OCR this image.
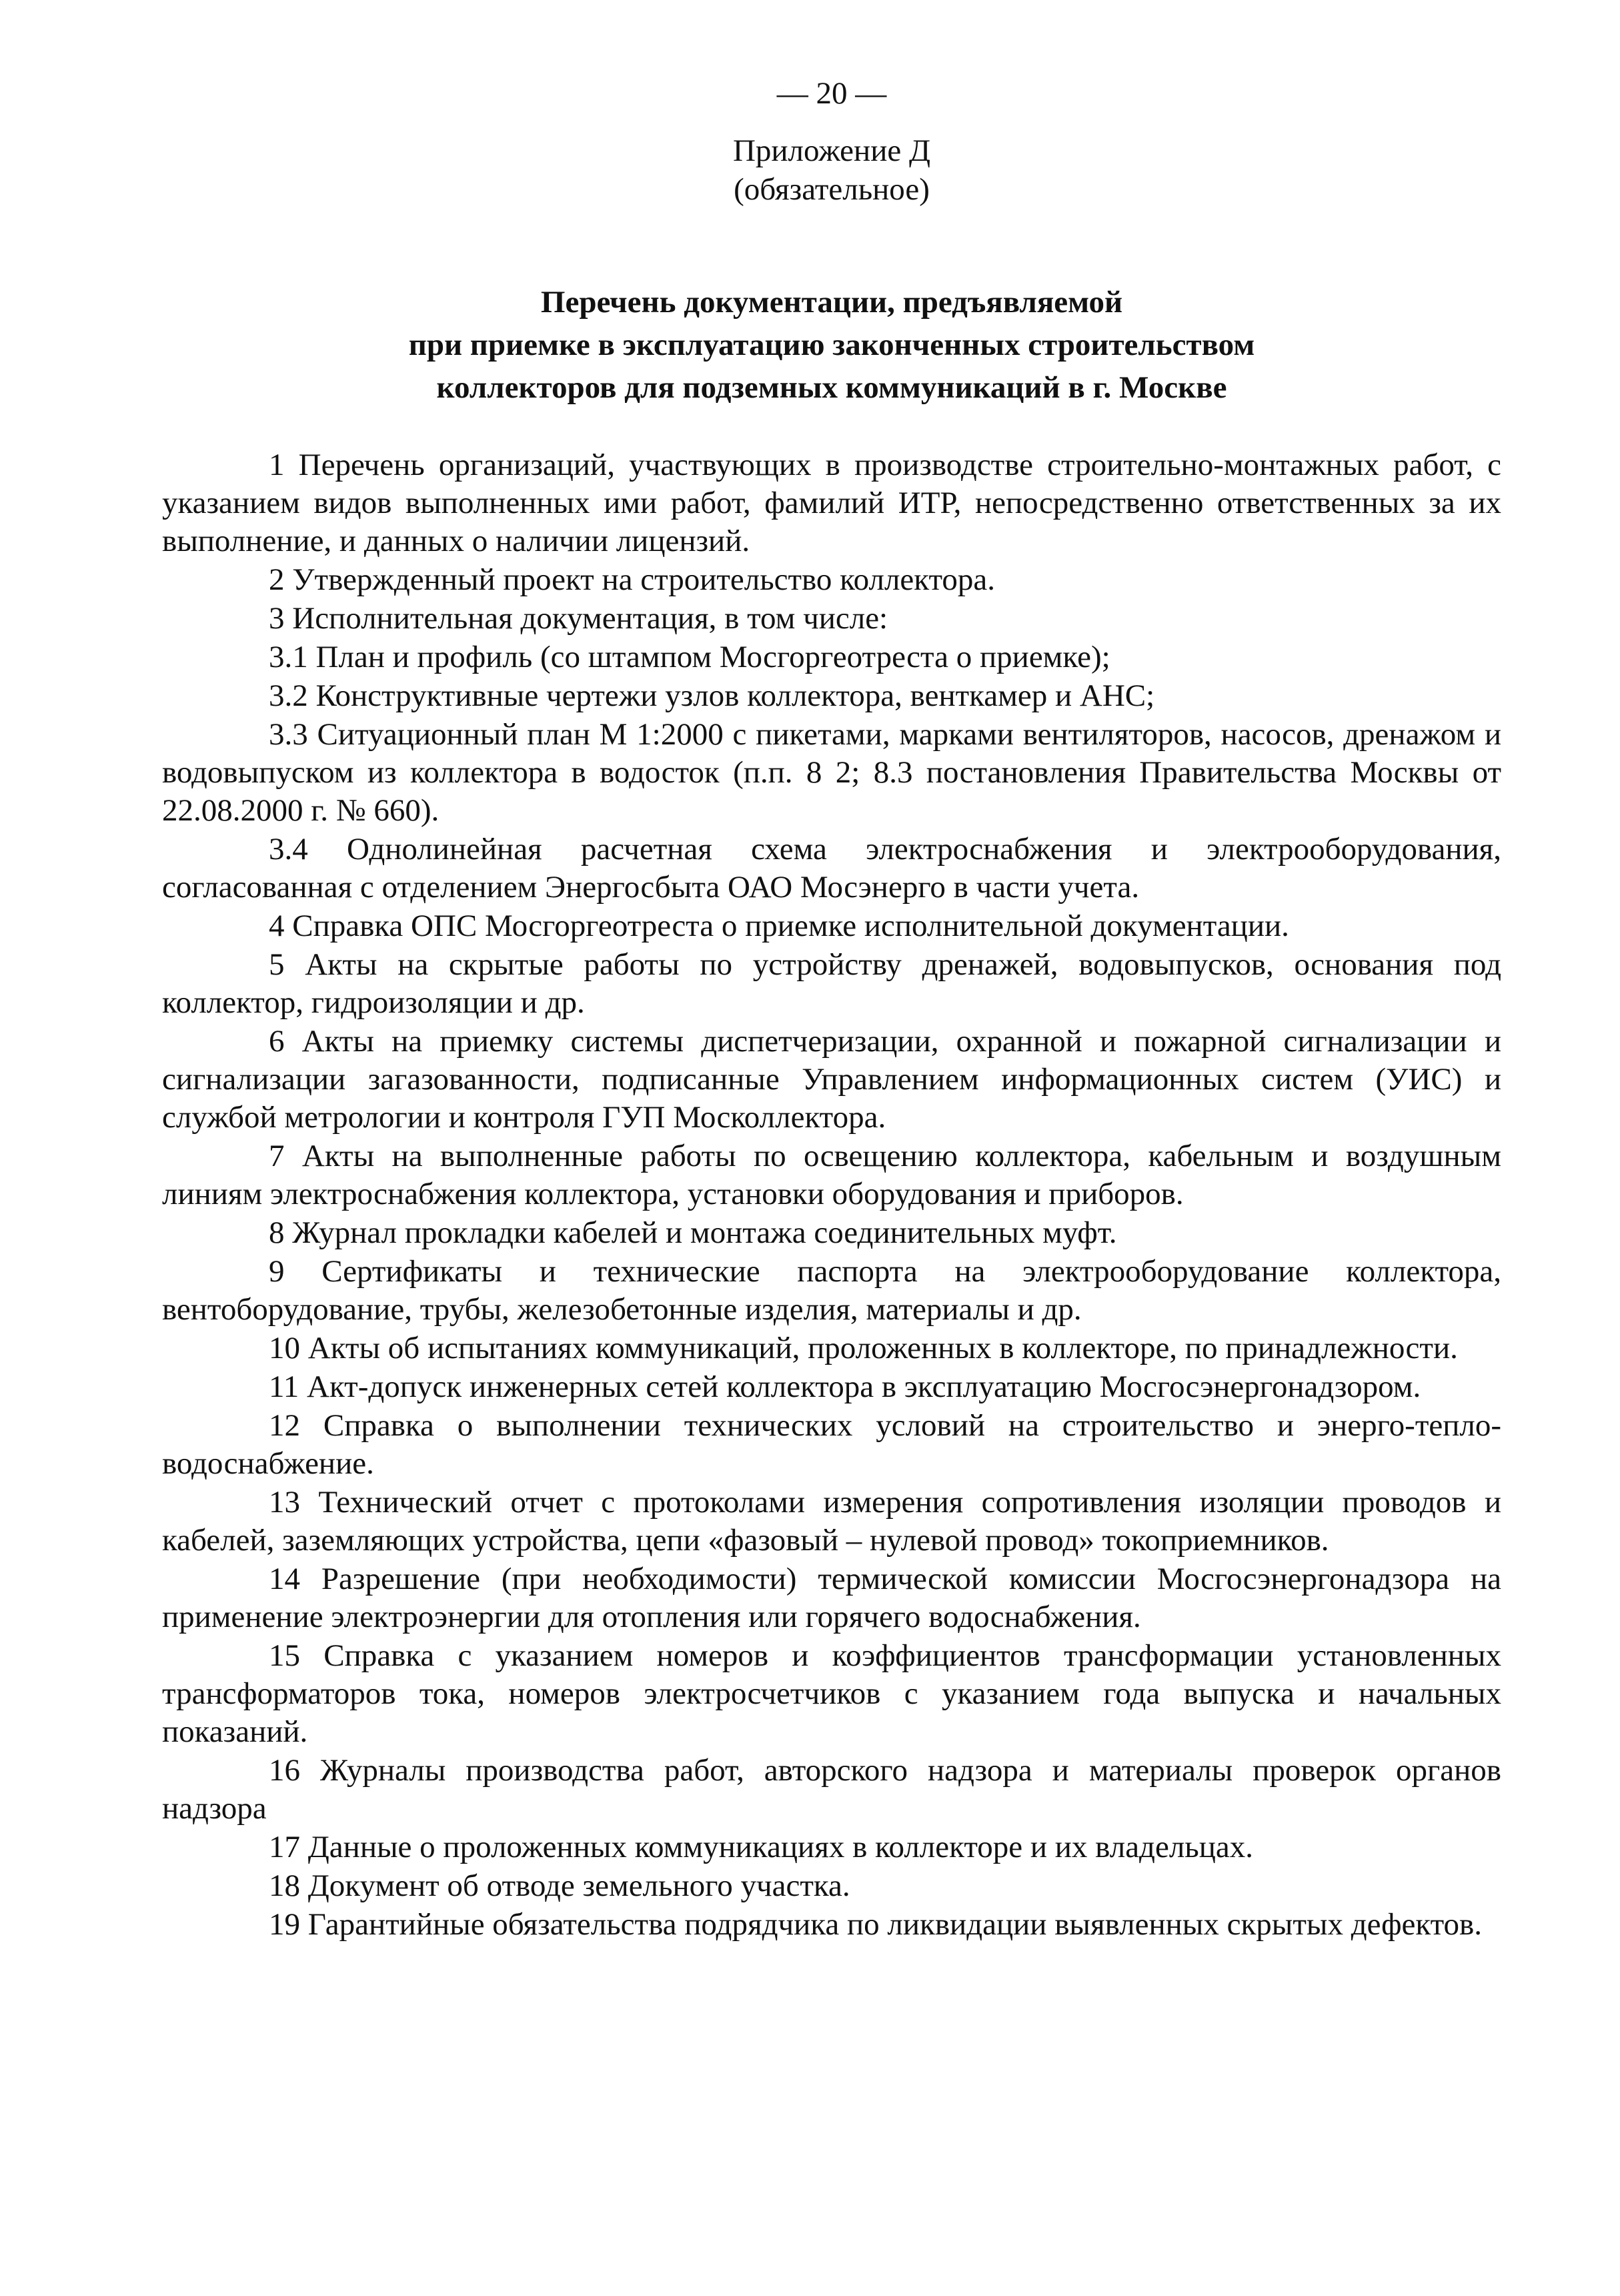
— 20 —
Приложение Д
(обязательное)
Перечень документации, предъявляемой
при приемке в эксплуатацию законченных строительством
коллекторов для подземных коммуникаций в г. Москве

1 Перечень организаций, участвующих в производстве строительно-монтажных работ, с указанием видов выполненных ими работ, фамилий ИТР, непосредственно ответственных за их выполнение, и данных о наличии лицензий.

2 Утвержденный проект на строительство коллектора.

3 Исполнительная документация, в том числе:

3.1 План и профиль (со штампом Мосгоргеотреста о приемке);

3.2 Конструктивные чертежи узлов коллектора, венткамер и АНС;

3.3 Ситуационный план М 1:2000 с пикетами, марками вентиляторов, насосов, дренажом и водовыпуском из коллектора в водосток (п.п. 8 2; 8.3 постановления Правительства Москвы от 22.08.2000 г. № 660).

3.4 Однолинейная расчетная схема электроснабжения и электрооборудования, согласованная с отделением Энергосбыта ОАО Мосэнерго в части учета.

4 Справка ОПС Мосгоргеотреста о приемке исполнительной документации.

5 Акты на скрытые работы по устройству дренажей, водовыпусков, основания под коллектор, гидроизоляции и др.

6 Акты на приемку системы диспетчеризации, охранной и пожарной сигнализации и сигнализации загазованности, подписанные Управлением информационных систем (УИС) и службой метрологии и контроля ГУП Москоллектора.

7 Акты на выполненные работы по освещению коллектора, кабельным и воздушным линиям электроснабжения коллектора, установки оборудования и приборов.

8 Журнал прокладки кабелей и монтажа соединительных муфт.

9 Сертификаты и технические паспорта на электрооборудование коллектора, вентоборудование, трубы, железобетонные изделия, материалы и др.

10 Акты об испытаниях коммуникаций, проложенных в коллекторе, по принадлежности.

11 Акт-допуск инженерных сетей коллектора в эксплуатацию Мосгосэнергонадзором.

12 Справка о выполнении технических условий на строительство и энерго-тепло-водоснабжение.

13 Технический отчет с протоколами измерения сопротивления изоляции проводов и кабелей, заземляющих устройства, цепи «фазовый – нулевой провод» токоприемников.

14 Разрешение (при необходимости) термической комиссии Мосгосэнергонадзора на применение электроэнергии для отопления или горячего водоснабжения.

15 Справка с указанием номеров и коэффициентов трансформации установленных трансформаторов тока, номеров электросчетчиков с указанием года выпуска и начальных показаний.

16 Журналы производства работ, авторского надзора и материалы проверок органов надзора

17 Данные о проложенных коммуникациях в коллекторе и их владельцах.

18 Документ об отводе земельного участка.

19 Гарантийные обязательства подрядчика по ликвидации выявленных скрытых дефектов.
